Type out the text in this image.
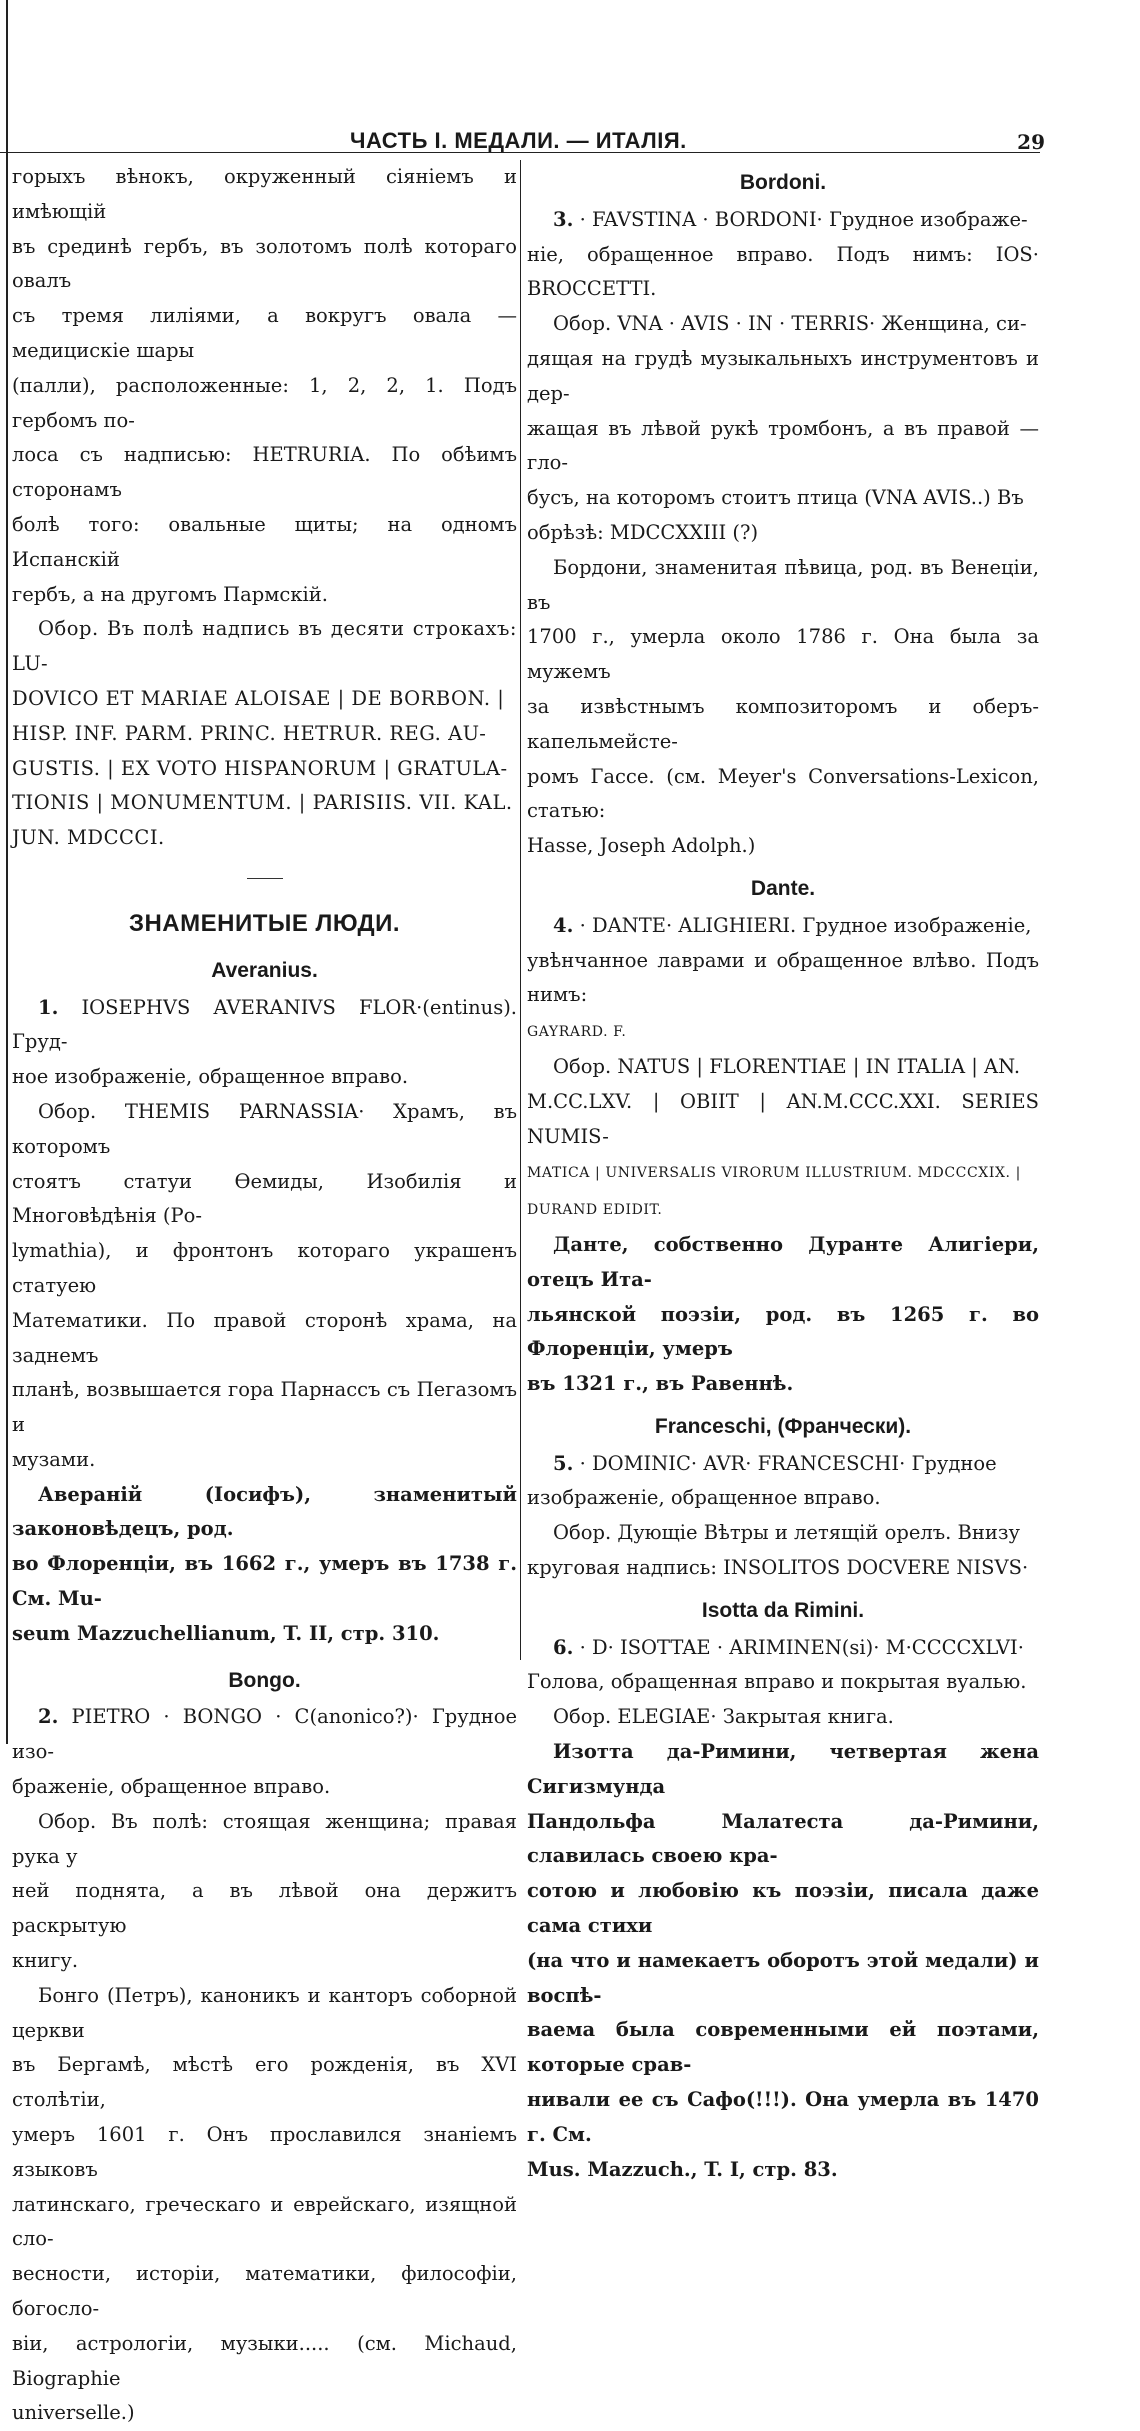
ЧАСТЬ I. МЕДАЛИ. — ИТАЛІЯ.	29

горыхъ вѣнокъ, окруженный сіяніемъ и имѣющій
въ срединѣ гербъ, въ золотомъ полѣ котораго овалъ
съ тремя лиліями, а вокругъ овала — медицискіе шары
(палли), расположенные: 1, 2, 2, 1. Подъ гербомъ по-
лоса съ надписью: HETRURIA. По обѣимъ сторонамъ
болѣ того: овальные щиты; на одномъ Испанскій
гербъ, а на другомъ Пармскій.

Обор. Въ полѣ надпись въ десяти строкахъ: LU-
DOVICO ET MARIAE ALOISAE | DE BORBON. |
HISP. INF. PARM. PRINC. HETRUR. REG. AU-
GUSTIS. | EX VOTO HISPANORUM | GRATULA-
TIONIS | MONUMENTUM. | PARISIIS. VII. KAL.
JUN. MDCCCI.

ЗНАМЕНИТЫЕ ЛЮДИ.
Averanius.

1. IOSEPHVS AVERANIVS FLOR·(entinus). Груд-
ное изображеніе, обращенное вправо.

Обор. THEMIS PARNASSIA· Храмъ, въ которомъ
стоятъ статуи Өемиды, Изобилія и Многовѣдѣнія (Ро-
lymathia), и фронтонъ котораго украшенъ статуею
Математики. По правой сторонѣ храма, на заднемъ
планѣ, возвышается гора Парнассъ съ Пегазомъ и
музами.

Авераній (Іосифъ), знаменитый законовѣдецъ, род.
во Флоренціи, въ 1662 г., умеръ въ 1738 г. См. Mu-
seum Mazzuchellianum, T. II, стр. 310.

Bongo.

2. PIETRO · BONGO · C(anonico?)· Грудное изо-
браженіе, обращенное вправо.

Обор. Въ полѣ: стоящая женщина; правая рука у
ней поднята, а въ лѣвой она держитъ раскрытую
книгу.

Бонго (Петръ), каноникъ и канторъ соборной церкви
въ Бергамѣ, мѣстѣ его рожденія, въ XVI столѣтіи,
умеръ 1601 г. Онъ прославился знаніемъ языковъ
латинскаго, греческаго и еврейскаго, изящной сло-
весности, исторіи, математики, философіи, богосло-
віи, астрологіи, музыки..... (см. Michaud, Biographie
universelle.)

Bordoni.

3. · FAVSTINA · BORDONI· Грудное изображе-
ніе, обращенное вправо. Подъ нимъ: IOS· BROCCETTI.

Обор. VNA · AVIS · IN · TERRIS· Женщина, си-
дящая на грудѣ музыкальныхъ инструментовъ и дер-
жащая въ лѣвой рукѣ тромбонъ, а въ правой — гло-
бусъ, на которомъ стоитъ птица (VNA AVIS..) Въ
обрѣзѣ: MDCCXXIII (?)

Бордони, знаменитая пѣвица, род. въ Венеціи, въ
1700 г., умерла около 1786 г. Она была за мужемъ
за извѣстнымъ композиторомъ и оберъ-капельмейсте-
ромъ Гассе. (см. Meyer's Conversations-Lexicon, статью:
Hasse, Joseph Adolph.)

Dante.

4. · DANTE· ALIGHIERI. Грудное изображеніе,
увѣнчанное лаврами и обращенное влѣво. Подъ нимъ:
GAYRARD. F.

Обор. NATUS | FLORENTIAE | IN ITALIA | AN.
M.CC.LXV. | OBIIT | AN.M.CCC.XXI. SERIES NUMIS-
MATICA | UNIVERSALIS VIRORUM ILLUSTRIUM. MDCCCXIX. |
DURAND EDIDIT.

Данте, собственно Дуранте Алигіери, отецъ Ита-
льянской поэзіи, род. въ 1265 г. во Флоренціи, умеръ
въ 1321 г., въ Равеннѣ.

Franceschi, (Франчески).

5. · DOMINIC· AVR· FRANCESCHI· Грудное
изображеніе, обращенное вправо.

Обор. Дующіе Вѣтры и летящій орелъ. Внизу
круговая надпись: INSOLITOS DOCVERE NISVS·

Isotta da Rimini.

6. · D· ISOTTAE · ARIMINEN(si)· M·CCCCXLVI·
Голова, обращенная вправо и покрытая вуалью.

Обор. ELEGIAE· Закрытая книга.

Изотта да-Римини, четвертая жена Сигизмунда
Пандольфа Малатеста да-Римини, славилась своею кра-
сотою и любовію къ поэзіи, писала даже сама стихи
(на что и намекаетъ оборотъ этой медали) и воспѣ-
ваема была современными ей поэтами, которые срав-
нивали ее съ Сафо(!!!). Она умерла въ 1470 г. См.
Mus. Mazzuch., T. I, стр. 83.
